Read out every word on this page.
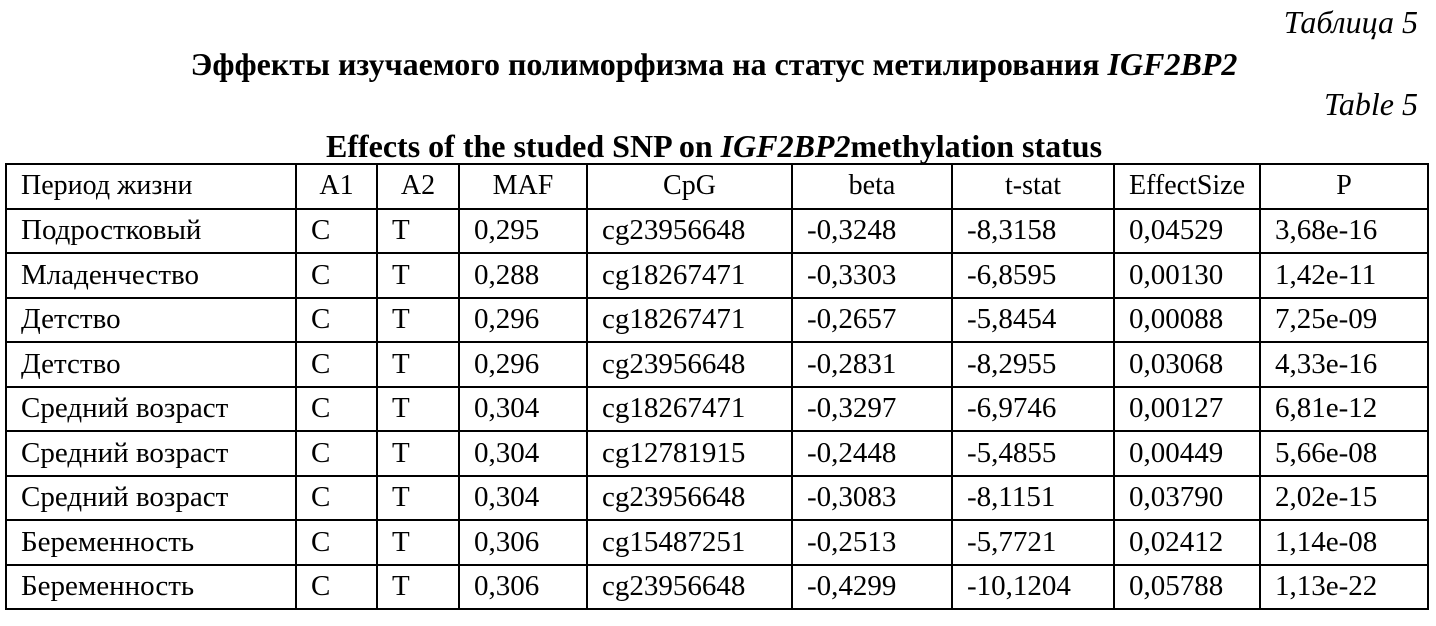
Таблица 5
Эффекты изучаемого полиморфизма на статус метилирования IGF2BP2
Table 5
Effects of the studed SNP on IGF2BP2methylation status
Период жизни	A1	A2	MAF	CpG	beta	t-stat	EffectSize	P
Подростковый	C	T	0,295	cg23956648	-0,3248	-8,3158	0,04529	3,68e-16
Младенчество	C	T	0,288	cg18267471	-0,3303	-6,8595	0,00130	1,42e-11
Детство	C	T	0,296	cg18267471	-0,2657	-5,8454	0,00088	7,25e-09
Детство	C	T	0,296	cg23956648	-0,2831	-8,2955	0,03068	4,33e-16
Средний возраст	C	T	0,304	cg18267471	-0,3297	-6,9746	0,00127	6,81e-12
Средний возраст	C	T	0,304	cg12781915	-0,2448	-5,4855	0,00449	5,66e-08
Средний возраст	C	T	0,304	cg23956648	-0,3083	-8,1151	0,03790	2,02e-15
Беременность	C	T	0,306	cg15487251	-0,2513	-5,7721	0,02412	1,14e-08
Беременность	C	T	0,306	cg23956648	-0,4299	-10,1204	0,05788	1,13e-22
